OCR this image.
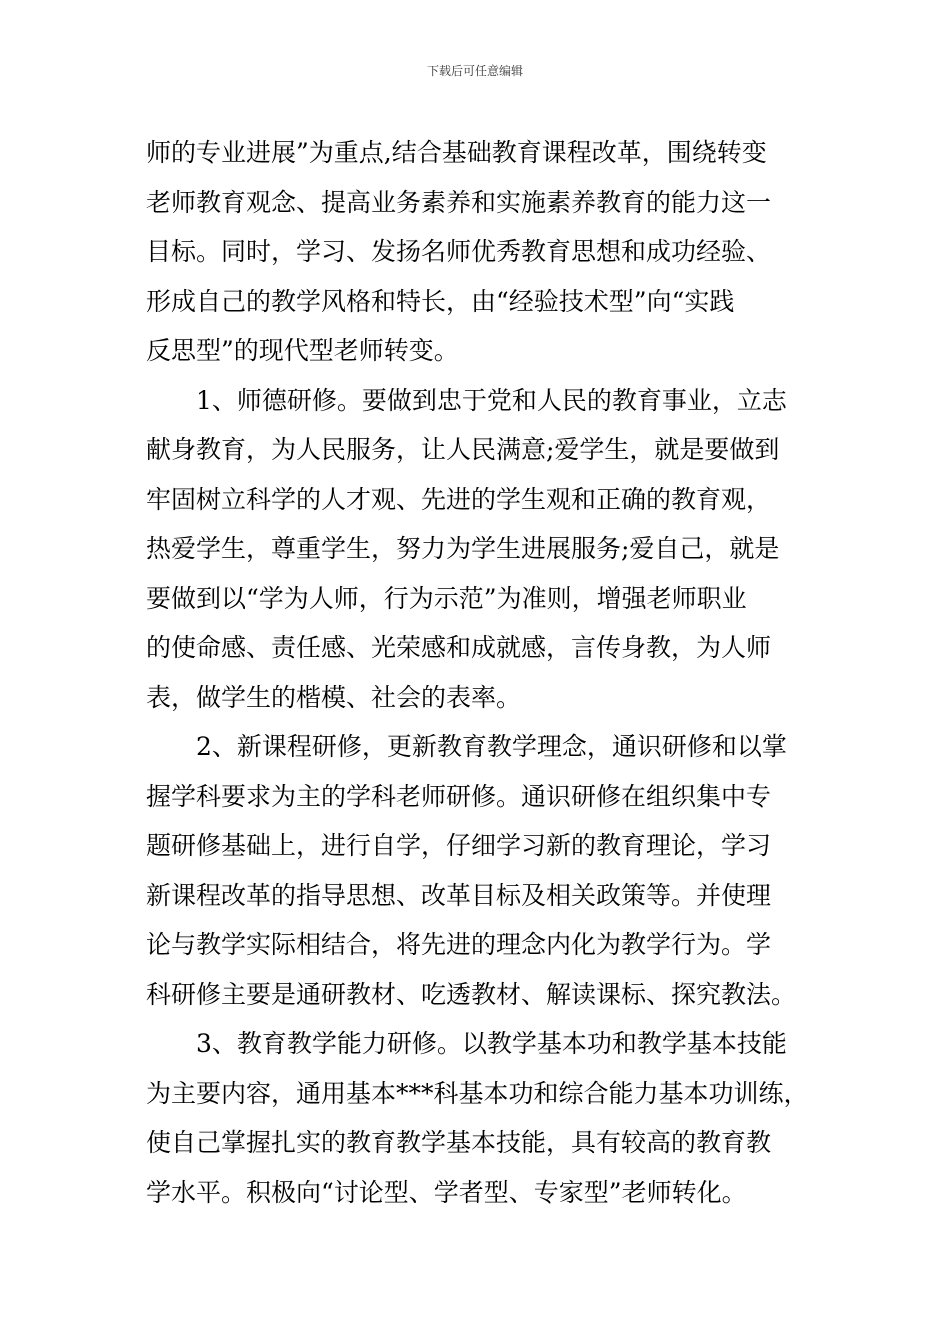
下载后可任意编辑
师的专业进展”为重点,结合基础教育课程改革，围绕转变
老师教育观念、提高业务素养和实施素养教育的能力这一
目标。同时，学习、发扬名师优秀教育思想和成功经验、
形成自己的教学风格和特长，由“经验技术型”向“实践
反思型”的现代型老师转变。
1、师德研修。要做到忠于党和人民的教育事业，立志
献身教育，为人民服务，让人民满意;爱学生，就是要做到
牢固树立科学的人才观、先进的学生观和正确的教育观，
热爱学生，尊重学生，努力为学生进展服务;爱自己，就是
要做到以“学为人师，行为示范”为准则，增强老师职业
的使命感、责任感、光荣感和成就感，言传身教，为人师
表，做学生的楷模、社会的表率。
2、新课程研修，更新教育教学理念，通识研修和以掌
握学科要求为主的学科老师研修。通识研修在组织集中专
题研修基础上，进行自学，仔细学习新的教育理论，学习
新课程改革的指导思想、改革目标及相关政策等。并使理
论与教学实际相结合，将先进的理念内化为教学行为。学
科研修主要是通研教材、吃透教材、解读课标、探究教法。
3、教育教学能力研修。以教学基本功和教学基本技能
为主要内容，通用基本***科基本功和综合能力基本功训练，
使自己掌握扎实的教育教学基本技能，具有较高的教育教
学水平。积极向“讨论型、学者型、专家型”老师转化。
